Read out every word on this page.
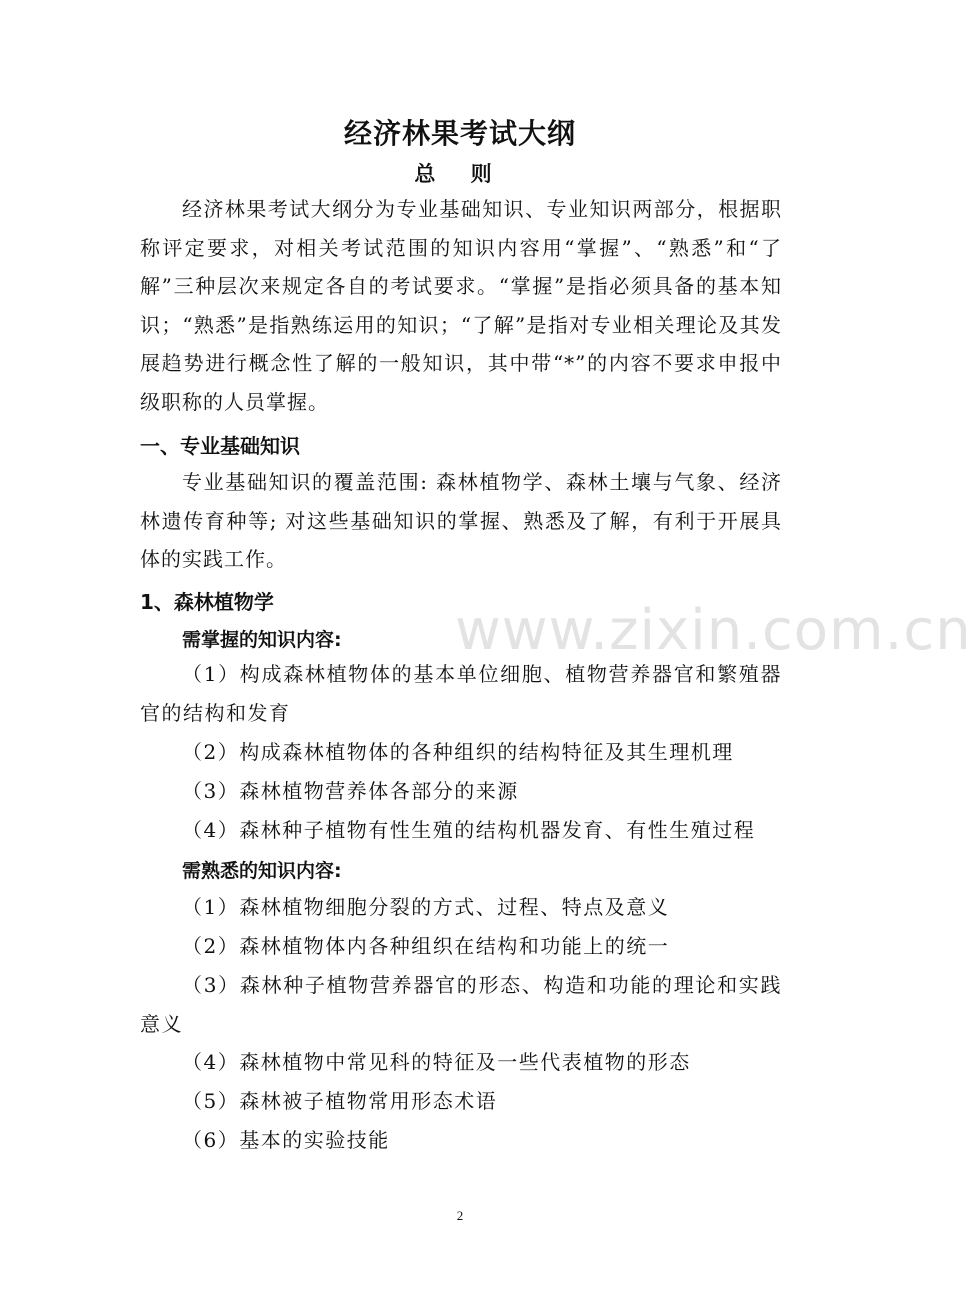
www.zixin.com.cn
经济林果考试大纲
总 则
经济林果考试大纲分为专业基础知识、专业知识两部分，根据职称评定要求，对相关考试范围的知识内容用“掌握”、“熟悉”和“了解”三种层次来规定各自的考试要求。“掌握”是指必须具备的基本知识；“熟悉”是指熟练运用的知识；“了解”是指对专业相关理论及其发展趋势进行概念性了解的一般知识，其中带“*”的内容不要求申报中级职称的人员掌握。
一、专业基础知识
专业基础知识的覆盖范围: 森林植物学、森林土壤与气象、经济林遗传育种等; 对这些基础知识的掌握、熟悉及了解，有利于开展具体的实践工作。
1、森林植物学
需掌握的知识内容:
（1）构成森林植物体的基本单位细胞、植物营养器官和繁殖器官的结构和发育
（2）构成森林植物体的各种组织的结构特征及其生理机理
（3）森林植物营养体各部分的来源
（4）森林种子植物有性生殖的结构机器发育、有性生殖过程
需熟悉的知识内容:
（1）森林植物细胞分裂的方式、过程、特点及意义
（2）森林植物体内各种组织在结构和功能上的统一
（3）森林种子植物营养器官的形态、构造和功能的理论和实践意义
（4）森林植物中常见科的特征及一些代表植物的形态
（5）森林被子植物常用形态术语
（6）基本的实验技能
2
